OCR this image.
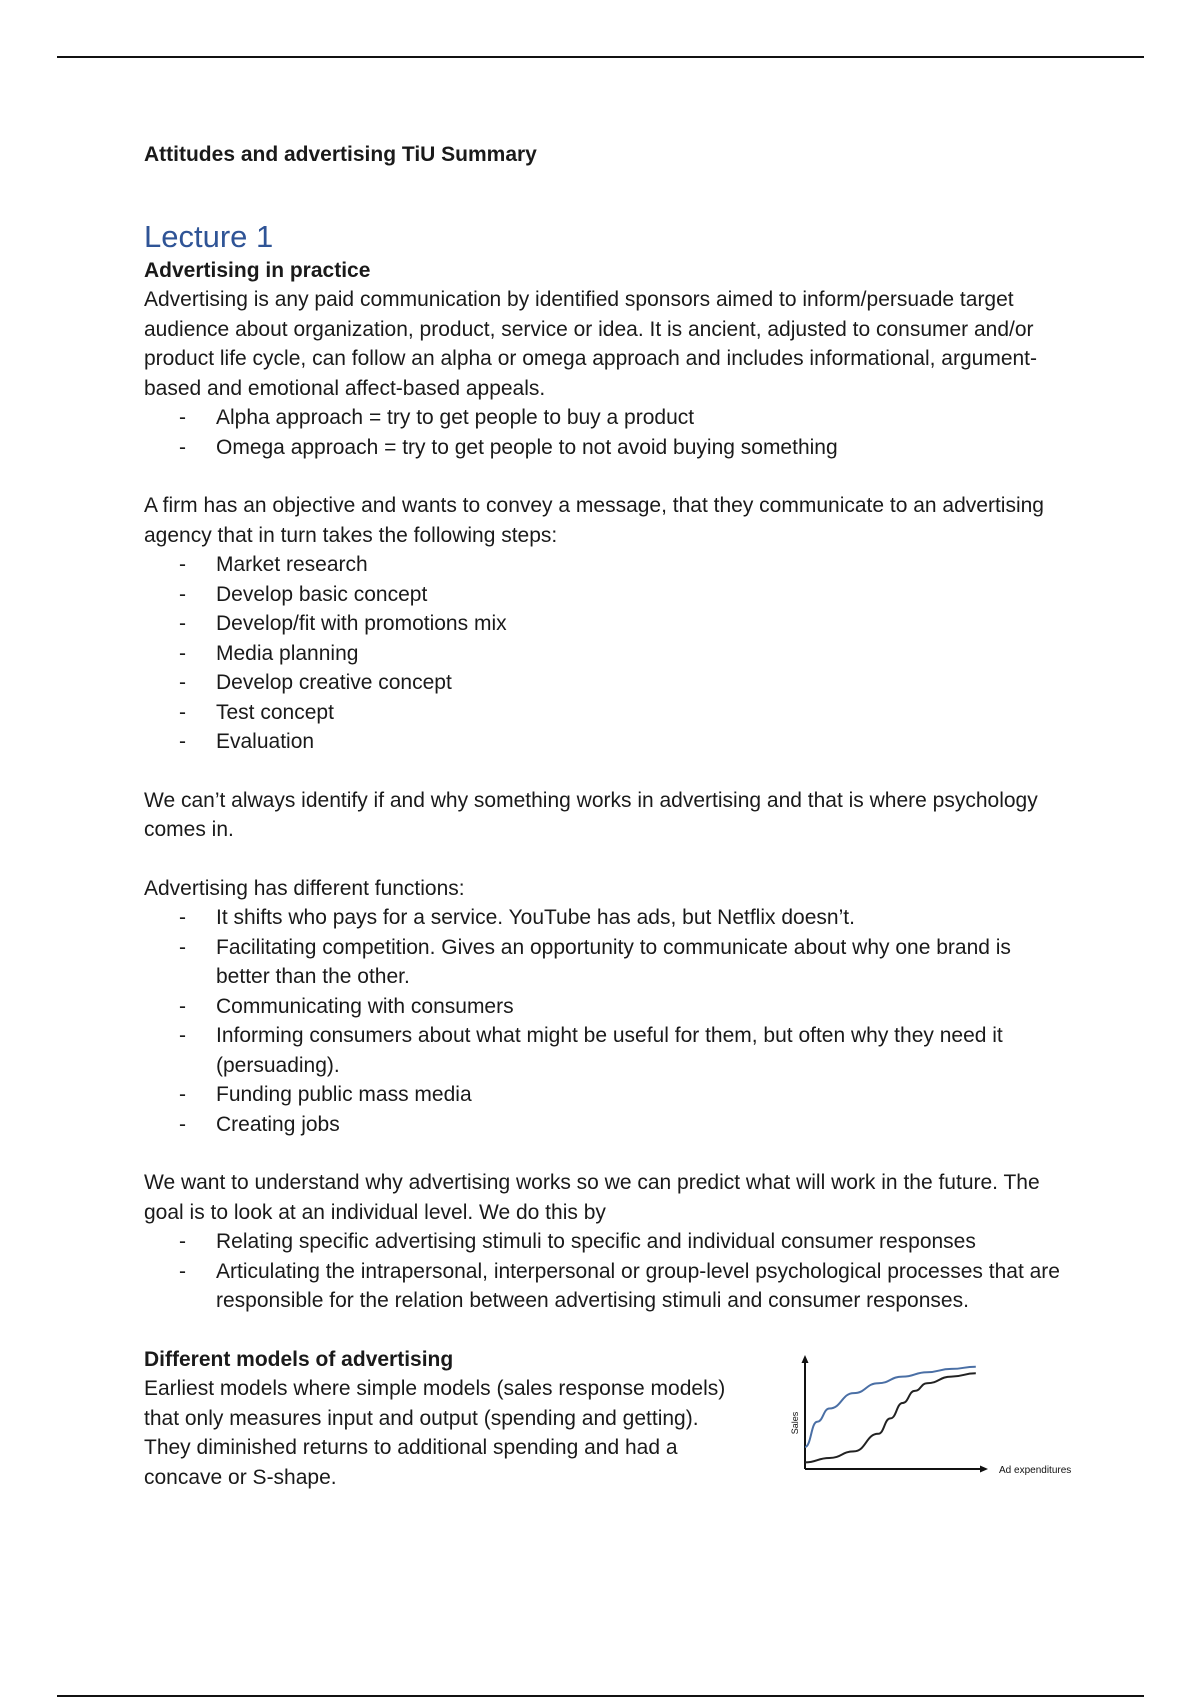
Attitudes and advertising TiU Summary
Lecture 1
Advertising in practice

Advertising is any paid communication by identified sponsors aimed to inform/persuade target audience about organization, product, service or idea. It is ancient, adjusted to consumer and/or product life cycle, can follow an alpha or omega approach and includes informational, argument-based and emotional affect-based appeals.

- Alpha approach = try to get people to buy a product
- Omega approach = try to get people to not avoid buying something

A firm has an objective and wants to convey a message, that they communicate to an advertising agency that in turn takes the following steps:

- Market research
- Develop basic concept
- Develop/fit with promotions mix
- Media planning
- Develop creative concept
- Test concept
- Evaluation

We can’t always identify if and why something works in advertising and that is where psychology comes in.

Advertising has different functions:

- It shifts who pays for a service. YouTube has ads, but Netflix doesn’t.
- Facilitating competition. Gives an opportunity to communicate about why one brand is better than the other.
- Communicating with consumers
- Informing consumers about what might be useful for them, but often why they need it (persuading).
- Funding public mass media
- Creating jobs

We want to understand why advertising works so we can predict what will work in the future. The goal is to look at an individual level. We do this by

- Relating specific advertising stimuli to specific and individual consumer responses
- Articulating the intrapersonal, interpersonal or group-level psychological processes that are responsible for the relation between advertising stimuli and consumer responses.
Different models of advertising

Earliest models where simple models (sales response models) that only measures input and output (spending and getting). They diminished returns to additional spending and had a concave or S-shape.

Sales
Ad expenditures
